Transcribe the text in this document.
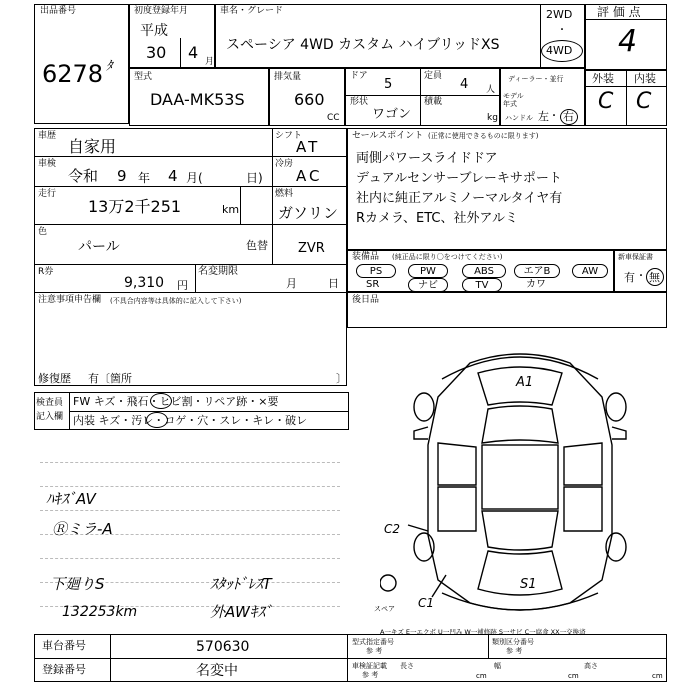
出品番号
6278 ﾀ
初度登録年月
平成
30 4 月
車名・グレード
スペーシア 4WD カスタム ハイブリッドXS
2WD
・
4WD
評 価 点
4
型式
DAA-MK53S
排気量
660
CC
ドア
5
定員
4 人
形状
ワゴン
積載
kg
ディーラー・並行
モデル 年式
ハンドル 左 ・ 右
外装 内装
C C
車歴
自家用
シフト
AT
車検
令和 9 年 4 月(	日)
冷房
AC
走行
13万2千251	km
燃料
ガソリン
色
パール	色替 ZVR
R券
9,310 円
名変期限
月	日
注意事項申告欄 (不具合内容等は具体的に記入して下さい)
修復歴 有〔箇所	〕
セールスポイント (正常に使用できるものに限ります)
両側パワースライドドア
デュアルセンサーブレーキサポート
社内に純正アルミノーマルタイヤ有
Rカメラ、ETC、社外アルミ
装備品 (純正品に限り〇をつけてください)
PS	PW	ABS	エアB	AW
SR	ナビ	TV	カワ
新車保証書
有 ・ 無
後日品
検査員
記入欄
FW キズ・飛石・ヒビ割・リペア跡・×要
内装 キズ・汚レ・コゲ・穴・スレ・キレ・破レ
ﾊｷｽﾞAV
Ⓡミラ-A
下廻りS
132253km
ｽﾀｯﾄﾞﾚｽT
外AWｷｽﾞ
A1
C2
S1
C1
スペア
A一キズ E一エクボ U一凹み W一補修跡 S一サビ C一腐食 XX一交換済
車台番号	570630
登録番号	名変中
型式指定番号
参 考
類別区分番号
参 考
車検証記載
参 考
長さ
cm
幅
cm
高さ
cm
